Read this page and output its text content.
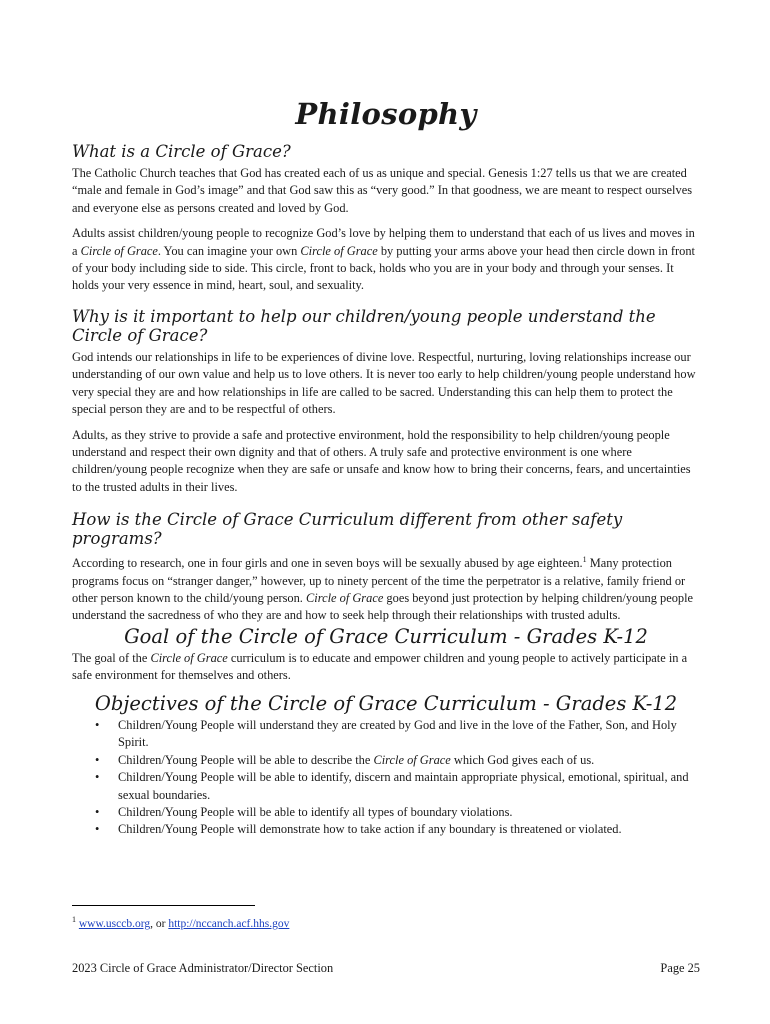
Philosophy
What is a Circle of Grace?

The Catholic Church teaches that God has created each of us as unique and special. Genesis 1:27 tells us that we are created “male and female in God’s image” and that God saw this as “very good.” In that goodness, we are meant to respect ourselves and everyone else as persons created and loved by God.

Adults assist children/young people to recognize God’s love by helping them to understand that each of us lives and moves in a Circle of Grace. You can imagine your own Circle of Grace by putting your arms above your head then circle down in front of your body including side to side. This circle, front to back, holds who you are in your body and through your senses. It holds your very essence in mind, heart, soul, and sexuality.

Why is it important to help our children/young people understand the Circle of Grace?

God intends our relationships in life to be experiences of divine love. Respectful, nurturing, loving relationships increase our understanding of our own value and help us to love others. It is never too early to help children/young people understand how very special they are and how relationships in life are called to be sacred. Understanding this can help them to protect the special person they are and to be respectful of others.

Adults, as they strive to provide a safe and protective environment, hold the responsibility to help children/young people understand and respect their own dignity and that of others. A truly safe and protective environment is one where children/young people recognize when they are safe or unsafe and know how to bring their concerns, fears, and uncertainties to the trusted adults in their lives.

How is the Circle of Grace Curriculum different from other safety programs?

According to research, one in four girls and one in seven boys will be sexually abused by age eighteen.$^1$ Many protection programs focus on “stranger danger,” however, up to ninety percent of the time the perpetrator is a relative, family friend or other person known to the child/young person. Circle of Grace goes beyond just protection by helping children/young people understand the sacredness of who they are and how to seek help through their relationships with trusted adults.

Goal of the Circle of Grace Curriculum - Grades K-12

The goal of the Circle of Grace curriculum is to educate and empower children and young people to actively participate in a safe environment for themselves and others.

Objectives of the Circle of Grace Curriculum - Grades K-12
• Children/Young People will understand they are created by God and live in the love of the Father, Son, and Holy Spirit.
• Children/Young People will be able to describe the Circle of Grace which God gives each of us.
• Children/Young People will be able to identify, discern and maintain appropriate physical, emotional, spiritual, and sexual boundaries.
• Children/Young People will be able to identify all types of boundary violations.
• Children/Young People will demonstrate how to take action if any boundary is threatened or violated.
$^1$ www.usccb.org, or http://nccanch.acf.hhs.gov
2023 Circle of Grace Administrator/Director Section	Page 25
